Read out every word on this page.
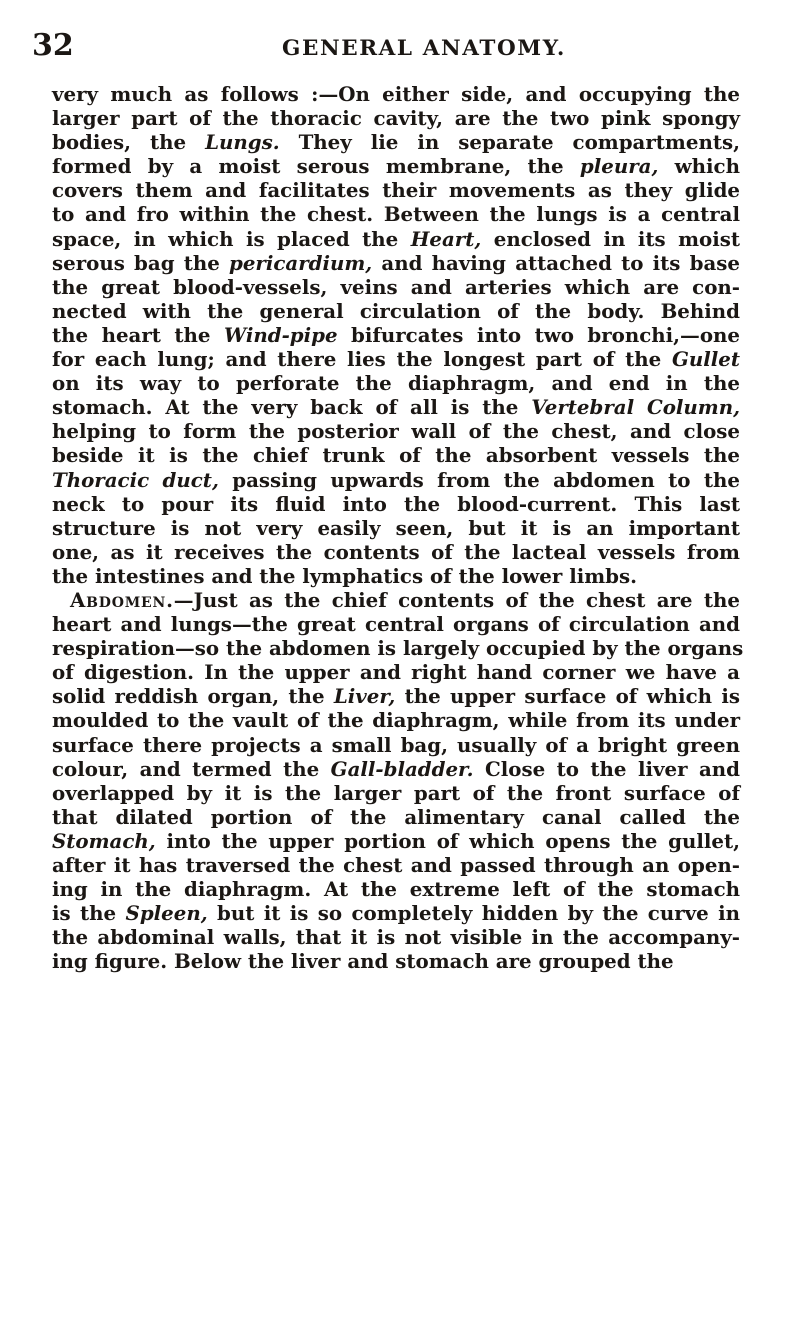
32	GENERAL ANATOMY.
very much as follows :—On either side, and occupying the
larger part of the thoracic cavity, are the two pink spongy
bodies, the Lungs. They lie in separate compartments,
formed by a moist serous membrane, the pleura, which
covers them and facilitates their movements as they glide
to and fro within the chest. Between the lungs is a central
space, in which is placed the Heart, enclosed in its moist
serous bag the pericardium, and having attached to its base
the great blood-vessels, veins and arteries which are con-
nected with the general circulation of the body. Behind
the heart the Wind-pipe bifurcates into two bronchi,—one
for each lung; and there lies the longest part of the Gullet
on its way to perforate the diaphragm, and end in the
stomach. At the very back of all is the Vertebral Column,
helping to form the posterior wall of the chest, and close
beside it is the chief trunk of the absorbent vessels the
Thoracic duct, passing upwards from the abdomen to the
neck to pour its fluid into the blood-current. This last
structure is not very easily seen, but it is an important
one, as it receives the contents of the lacteal vessels from
the intestines and the lymphatics of the lower limbs.
Abdomen.—Just as the chief contents of the chest are the
heart and lungs—the great central organs of circulation and
respiration—so the abdomen is largely occupied by the organs
of digestion. In the upper and right hand corner we have a
solid reddish organ, the Liver, the upper surface of which is
moulded to the vault of the diaphragm, while from its under
surface there projects a small bag, usually of a bright green
colour, and termed the Gall-bladder. Close to the liver and
overlapped by it is the larger part of the front surface of
that dilated portion of the alimentary canal called the
Stomach, into the upper portion of which opens the gullet,
after it has traversed the chest and passed through an open-
ing in the diaphragm. At the extreme left of the stomach
is the Spleen, but it is so completely hidden by the curve in
the abdominal walls, that it is not visible in the accompany-
ing figure. Below the liver and stomach are grouped the
